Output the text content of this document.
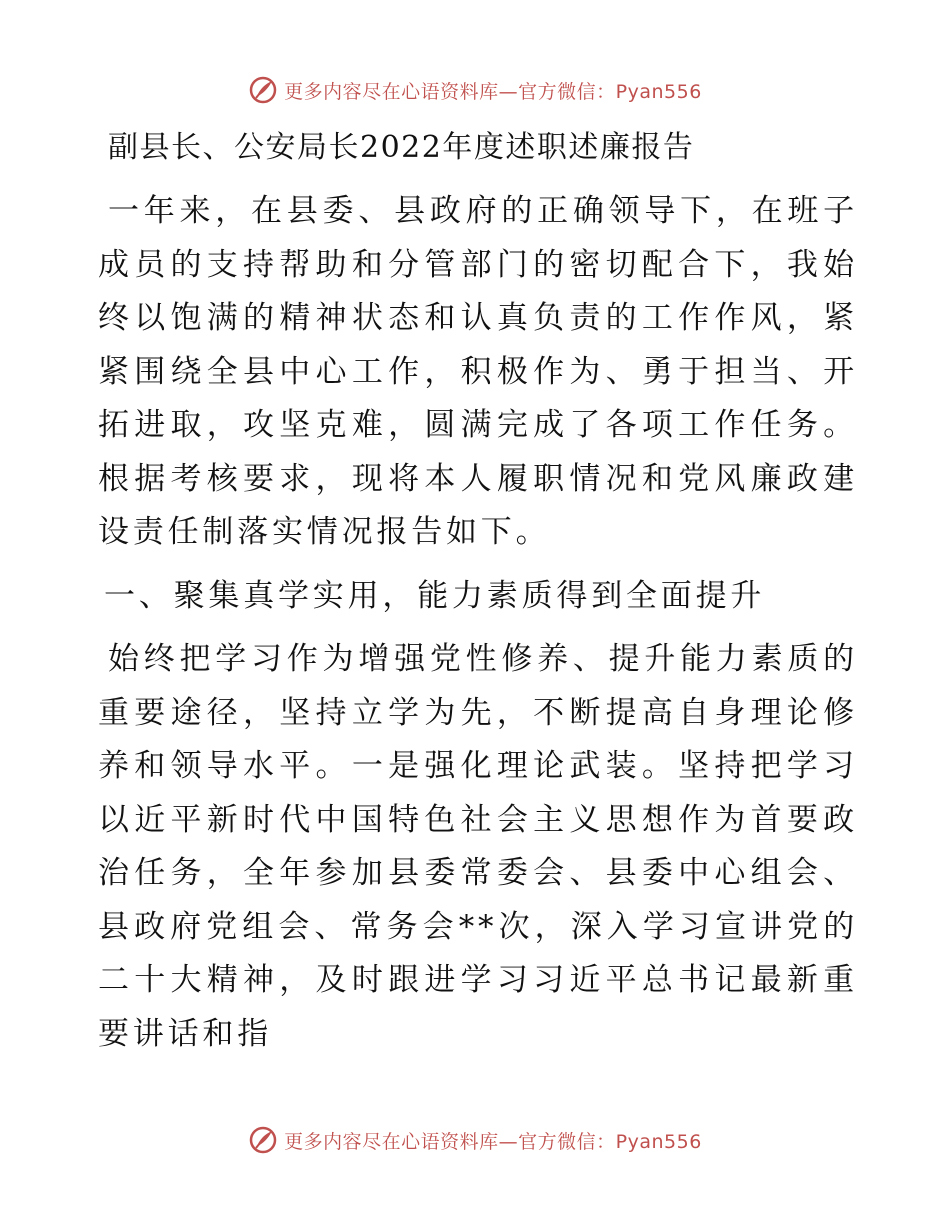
更多内容尽在心语资料库—官方微信：Pyan556
副县长、公安局长2022年度述职述廉报告

一年来，在县委、县政府的正确领导下，在班子成员的支持帮助和分管部门的密切配合下，我始终以饱满的精神状态和认真负责的工作作风，紧紧围绕全县中心工作，积极作为、勇于担当、开拓进取，攻坚克难，圆满完成了各项工作任务。根据考核要求，现将本人履职情况和党风廉政建设责任制落实情况报告如下。

一、聚集真学实用，能力素质得到全面提升

始终把学习作为增强党性修养、提升能力素质的重要途径，坚持立学为先，不断提高自身理论修养和领导水平。一是强化理论武装。坚持把学习以近平新时代中国特色社会主义思想作为首要政治任务，全年参加县委常委会、县委中心组会、县政府党组会、常务会**次，深入学习宣讲党的二十大精神，及时跟进学习习近平总书记最新重要讲话和指

更多内容尽在心语资料库—官方微信：Pyan556
